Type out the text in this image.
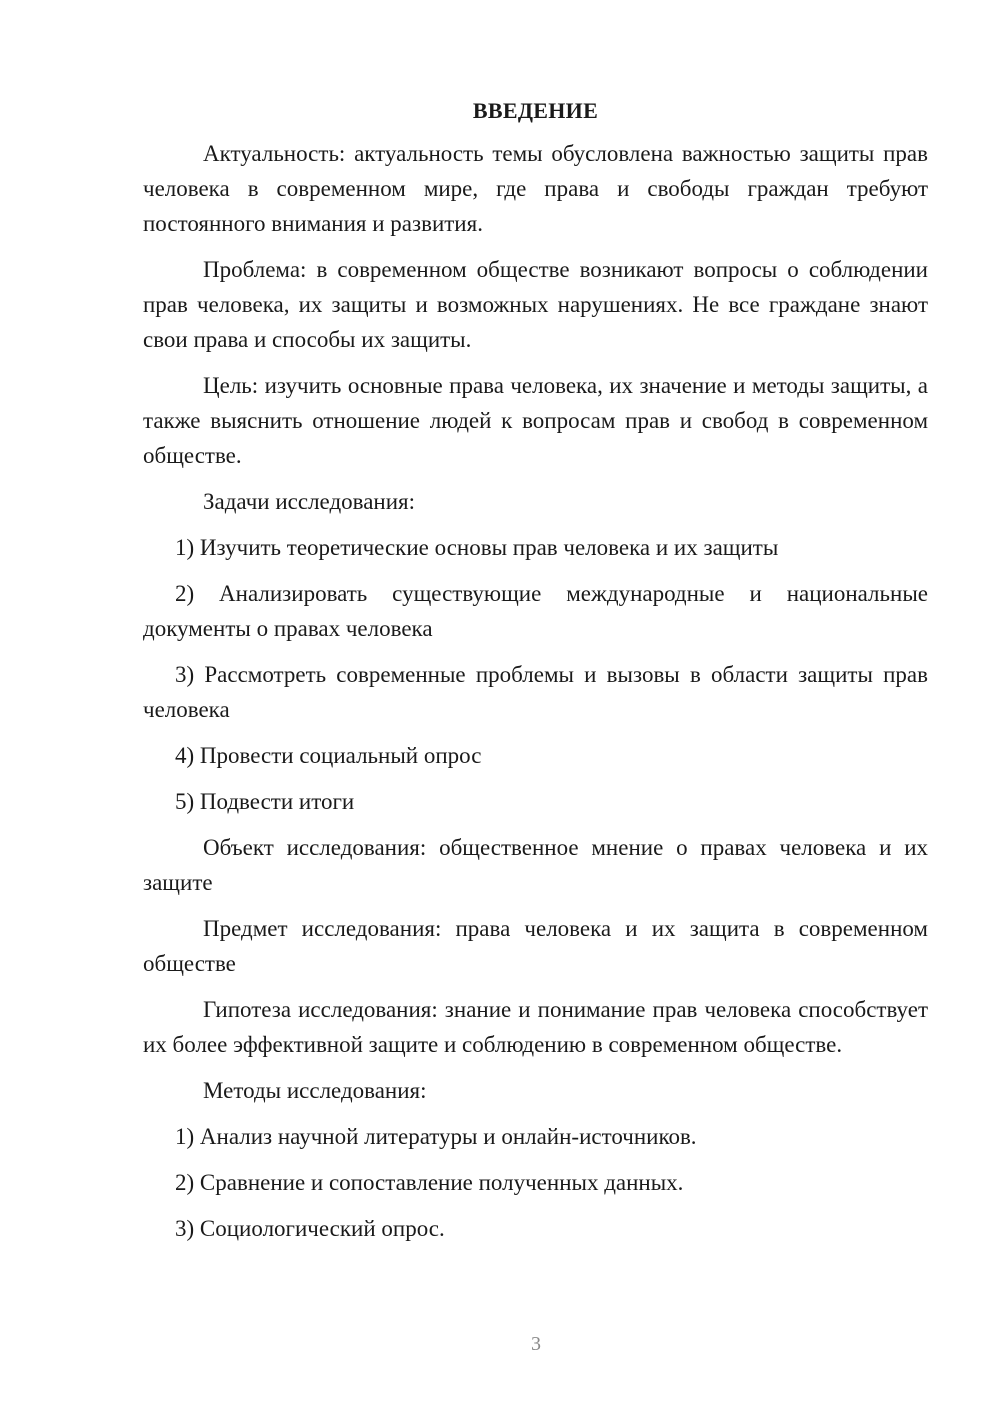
ВВЕДЕНИЕ

Актуальность: актуальность темы обусловлена важностью защиты прав человека в современном мире, где права и свободы граждан требуют постоянного внимания и развития.

Проблема: в современном обществе возникают вопросы о соблюдении прав человека, их защиты и возможных нарушениях. Не все граждане знают свои права и способы их защиты.

Цель: изучить основные права человека, их значение и методы защиты, а также выяснить отношение людей к вопросам прав и свобод в современном обществе.

Задачи исследования:

1) Изучить теоретические основы прав человека и их защиты

2) Анализировать существующие международные и национальные документы о правах человека

3) Рассмотреть современные проблемы и вызовы в области защиты прав человека

4) Провести социальный опрос

5) Подвести итоги

Объект исследования: общественное мнение о правах человека и их защите

Предмет исследования: права человека и их защита в современном обществе

Гипотеза исследования: знание и понимание прав человека способствует их более эффективной защите и соблюдению в современном обществе.

Методы исследования:

1) Анализ научной литературы и онлайн-источников.

2) Сравнение и сопоставление полученных данных.

3) Социологический опрос.

3
